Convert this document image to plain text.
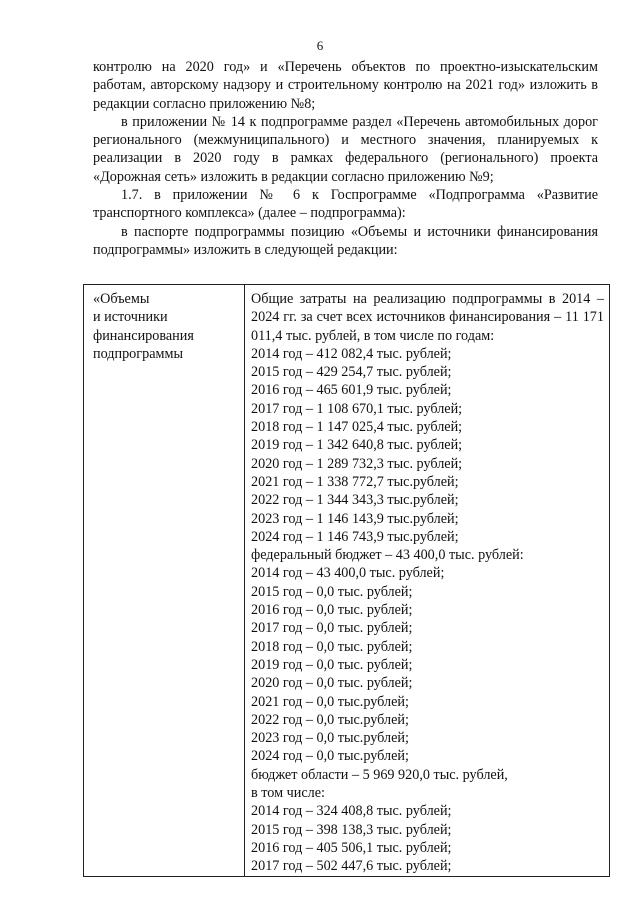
6

контролю на 2020 год» и «Перечень объектов по проектно-изыскательским работам, авторскому надзору и строительному контролю на 2021 год» изложить в редакции согласно приложению №8;

в приложении № 14 к подпрограмме раздел «Перечень автомобильных дорог регионального (межмуниципального) и местного значения, планируемых к реализации в 2020 году в рамках федерального (регионального) проекта «Дорожная сеть» изложить в редакции согласно приложению №9;

1.7. в приложении № 6 к Госпрограмме «Подпрограмма «Развитие транспортного комплекса» (далее – подпрограмма):

в паспорте подпрограммы позицию «Объемы и источники финансирования подпрограммы» изложить в следующей редакции:

«Объемы
и источники
финансирования
подпрограммы

Общие затраты на реализацию подпрограммы в 2014 – 2024 гг. за счет всех источников финансирования – 11 171 011,4 тыс. рублей, в том числе по годам:
2014 год – 412 082,4 тыс. рублей;
2015 год – 429 254,7 тыс. рублей;
2016 год – 465 601,9 тыс. рублей;
2017 год – 1 108 670,1 тыс. рублей;
2018 год – 1 147 025,4 тыс. рублей;
2019 год – 1 342 640,8 тыс. рублей;
2020 год – 1 289 732,3 тыс. рублей;
2021 год – 1 338 772,7 тыс.рублей;
2022 год – 1 344 343,3 тыс.рублей;
2023 год – 1 146 143,9 тыс.рублей;
2024 год – 1 146 743,9 тыс.рублей;
федеральный бюджет – 43 400,0 тыс. рублей:
2014 год – 43 400,0 тыс. рублей;
2015 год – 0,0 тыс. рублей;
2016 год – 0,0 тыс. рублей;
2017 год – 0,0 тыс. рублей;
2018 год – 0,0 тыс. рублей;
2019 год – 0,0 тыс. рублей;
2020 год – 0,0 тыс. рублей;
2021 год – 0,0 тыс.рублей;
2022 год – 0,0 тыс.рублей;
2023 год – 0,0 тыс.рублей;
2024 год – 0,0 тыс.рублей;
бюджет области – 5 969 920,0 тыс. рублей,
в том числе:
2014 год – 324 408,8 тыс. рублей;
2015 год – 398 138,3 тыс. рублей;
2016 год – 405 506,1 тыс. рублей;
2017 год – 502 447,6 тыс. рублей;
